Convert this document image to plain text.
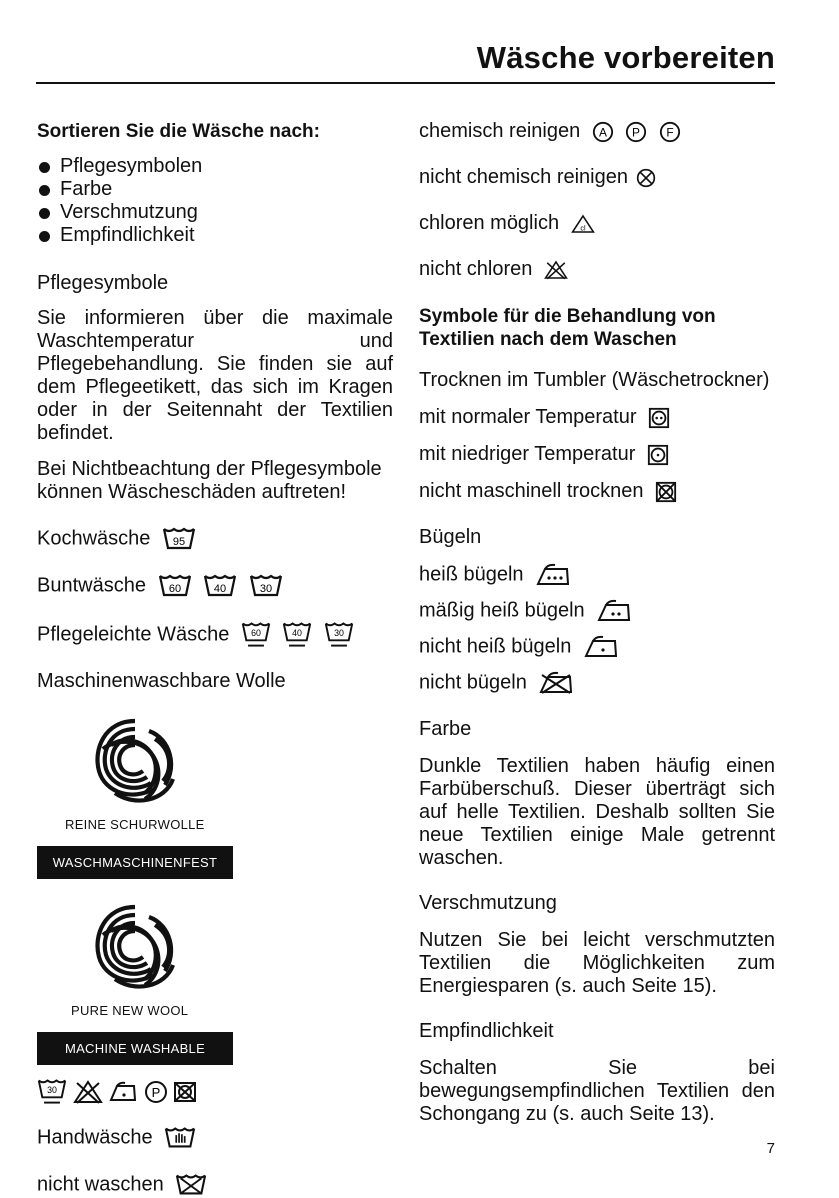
Wäsche vorbereiten
Sortieren Sie die Wäsche nach:
Pflegesymbolen
Farbe
Verschmutzung
Empfindlichkeit
Pflegesymbole
Sie informieren über die maximale Waschtemperatur und Pflegebehandlung. Sie finden sie auf dem Pflegeetikett, das sich im Kragen oder in der Seitennaht der Textilien befindet.
Bei Nichtbeachtung der Pflegesymbole können Wäscheschäden auftreten!
Kochwäsche 95
Buntwäsche 60
	40
	30
Pflegeleichte Wäsche 60
	40
	30
Maschinenwaschbare Wolle
REINE SCHURWOLLE
WASCHMASCHINENFEST
PURE NEW WOOL
MACHINE WASHABLE
30
	P

Handwäsche
nicht waschen
chemisch reinigen A
P
F
nicht chemisch reinigen
chloren möglich cl
nicht chloren
Symbole für die Behandlung von Textilien nach dem Waschen
Trocknen im Tumbler (Wäschetrockner)
mit normaler Temperatur
mit niedriger Temperatur
nicht maschinell trocknen
Bügeln
heiß bügeln
mäßig heiß bügeln
nicht heiß bügeln
nicht bügeln
Farbe
Dunkle Textilien haben häufig einen Farbüberschuß. Dieser überträgt sich auf helle Textilien. Deshalb sollten Sie neue Textilien einige Male getrennt waschen.
Verschmutzung
Nutzen Sie bei leicht verschmutzten Textilien die Möglichkeiten zum Energiesparen (s. auch Seite 15).
Empfindlichkeit
Schalten Sie bei bewegungsempfindlichen Textilien den Schongang zu (s. auch Seite 13).
7
